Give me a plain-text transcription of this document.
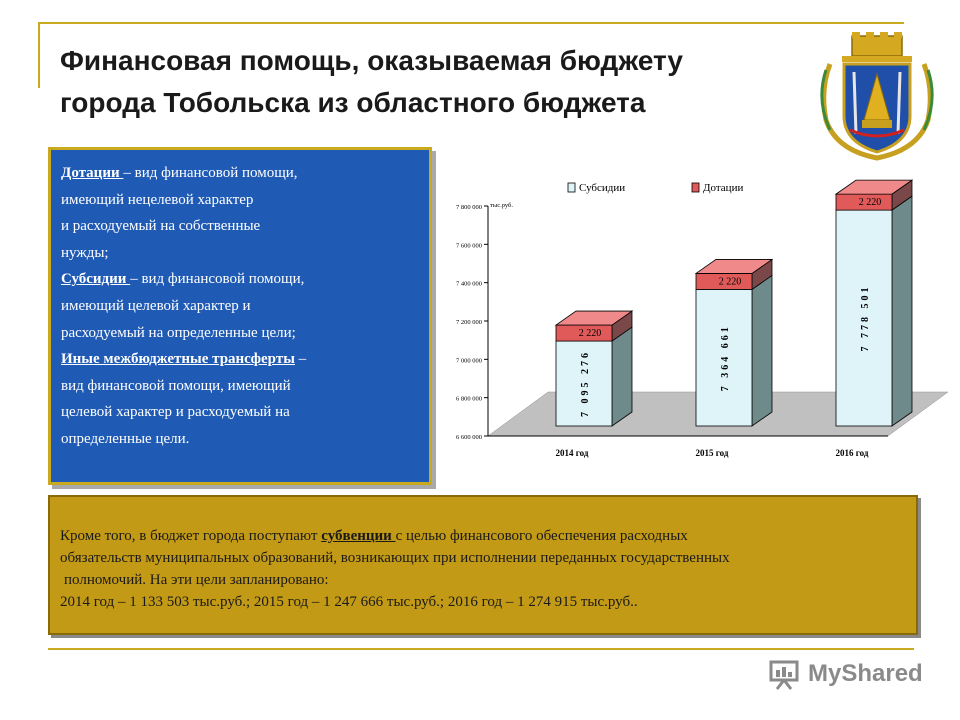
Финансовая помощь, оказываемая бюджету
города Тобольска из областного бюджета

Дотации – вид финансовой помощи,

имеющий нецелевой характер

и расходуемый на собственные

нужды;

Субсидии – вид финансовой помощи,

имеющий целевой характер и

расходуемый на определенные цели;

Иные межбюджетные трансферты –

вид финансовой помощи, имеющий

целевой характер и расходуемый на

определенные цели.	6 600 000
6 800 000
7 000 000
7 200 000
7 400 000
7 600 000
7 800 000 тыс.руб.
Субсидии	Дотации
7 095 276
2 220
2014 год
7 364 661
2 220
2015 год
7 778 501
2 220
2016 год

Кроме того, в бюджет города поступают субвенции с целью финансового обеспечения расходных

обязательств муниципальных образований, возникающих при исполнении переданных государственных

полномочий. На эти цели запланировано:

2014 год – 1 133 503 тыс.руб.; 2015 год – 1 247 666 тыс.руб.; 2016 год – 1 274 915 тыс.руб..

MyShared
